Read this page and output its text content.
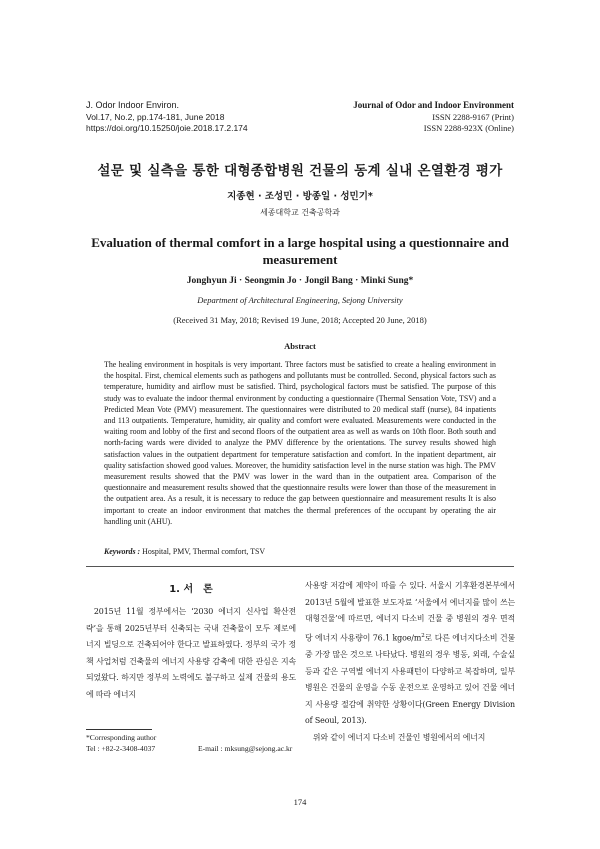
J. Odor Indoor Environ.
Vol.17, No.2, pp.174-181, June 2018
https://doi.org/10.15250/joie.2018.17.2.174
Journal of Odor and Indoor Environment
ISSN 2288-9167 (Print)
ISSN 2288-923X (Online)
설문 및 실측을 통한 대형종합병원 건물의 동계 실내 온열환경 평가
지종현 · 조성민 · 방종일 · 성민기*
세종대학교 건축공학과
Evaluation of thermal comfort in a large hospital using a questionnaire and measurement
Jonghyun Ji · Seongmin Jo · Jongil Bang · Minki Sung*
Department of Architectural Engineering, Sejong University
(Received 31 May, 2018; Revised 19 June, 2018; Accepted 20 June, 2018)
Abstract

The healing environment in hospitals is very important. Three factors must be satisfied to create a healing environment in the hospital. First, chemical elements such as pathogens and pollutants must be controlled. Second, physical factors such as temperature, humidity and airflow must be satisfied. Third, psychological factors must be satisfied. The purpose of this study was to evaluate the indoor thermal environment by conducting a questionnaire (Thermal Sensation Vote, TSV) and a Predicted Mean Vote (PMV) measurement. The questionnaires were distributed to 20 medical staff (nurse), 84 inpatients and 113 outpatients. Temperature, humidity, air quality and comfort were evaluated. Measurements were conducted in the waiting room and lobby of the first and second floors of the outpatient area as well as wards on 10th floor. Both south and north-facing wards were divided to analyze the PMV difference by the orientations. The survey results showed high satisfaction values in the outpatient department for temperature satisfaction and comfort. In the inpatient department, air quality satisfaction showed good values. Moreover, the humidity satisfaction level in the nurse station was high. The PMV measurement results showed that the PMV was lower in the ward than in the outpatient area. Comparison of the questionnaire and measurement results showed that the questionnaire results were lower than those of the measurement in the outpatient area. As a result, it is necessary to reduce the gap between questionnaire and measurement results It is also important to create an indoor environment that matches the thermal preferences of the occupant by operating the air handling unit (AHU).

Keywords : Hospital, PMV, Thermal comfort, TSV

1. 서　론

2015년 11월 정부에서는 ‘2030 에너지 신사업 확산전략’을 통해 2025년부터 신축되는 국내 건축물이 모두 제로에너지 빌딩으로 건축되어야 한다고 발표하였다. 정부의 국가 정책 사업처럼 건축물의 에너지 사용량 감축에 대한 관심은 지속되었왔다. 하지만 정부의 노력에도 불구하고 실제 건물의 용도에 따라 에너지

사용량 저감에 제약이 따를 수 있다. 서울시 기후환경본부에서 2013년 5월에 발표한 보도자료 ‘서울에서 에너지를 많이 쓰는 대형건물’에 따르면, 에너지 다소비 건물 중 병원의 경우 면적당 에너지 사용량이 76.1 kgoe/$m^2$로 다른 에너지다소비 건물 중 가장 많은 것으로 나타났다. 병원의 경우 병동, 외래, 수술실 등과 같은 구역별 에너지 사용패턴이 다양하고 복잡하며, 일부 병원은 건물의 운영을 수동 운전으로 운영하고 있어 건물 에너지 사용량 절감에 취약한 상황이다(Green Energy Division of Seoul, 2013).
위와 같이 에너지 다소비 건물인 병원에서의 에너지

*Corresponding author
Tel : +82-2-3408-4037	E-mail : mksung@sejong.ac.kr
174
